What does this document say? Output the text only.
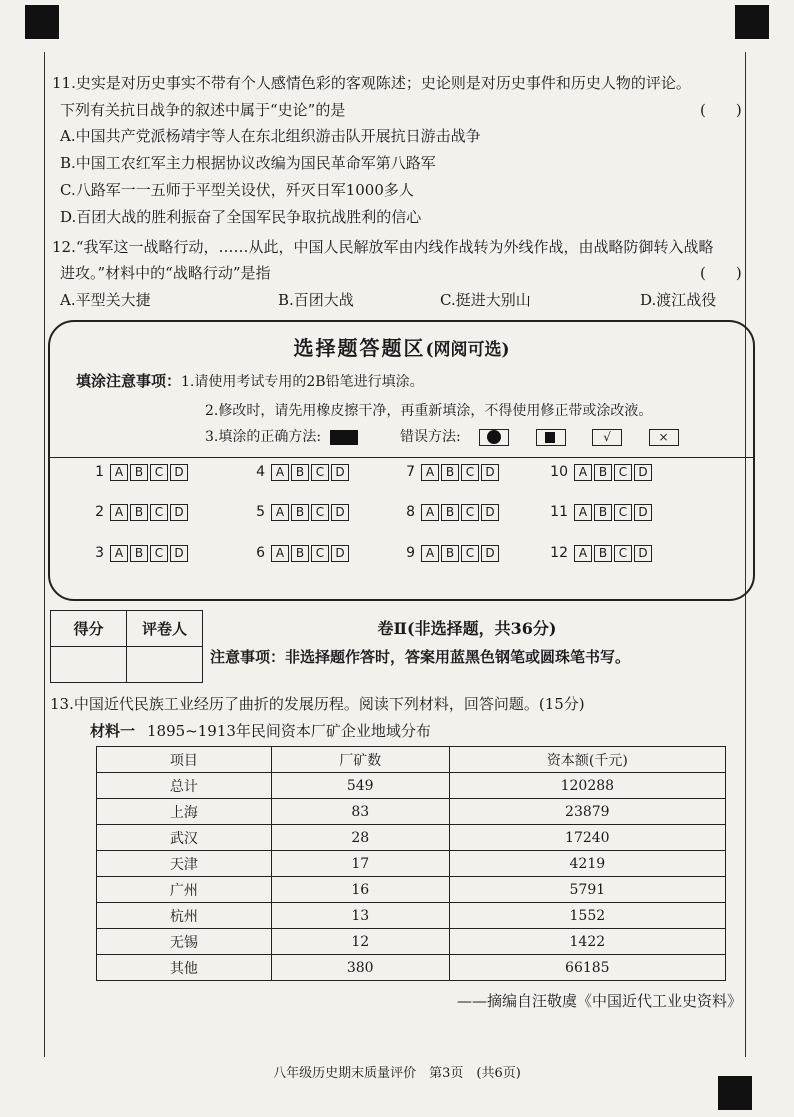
11.史实是对历史事实不带有个人感情色彩的客观陈述；史论则是对历史事件和历史人物的评论。
下列有关抗日战争的叙述中属于“史论”的是	(　　)
A.中国共产党派杨靖宇等人在东北组织游击队开展抗日游击战争
B.中国工农红军主力根据协议改编为国民革命军第八路军
C.八路军一一五师于平型关设伏，歼灭日军1000多人
D.百团大战的胜利振奋了全国军民争取抗战胜利的信心
12.“我军这一战略行动，……从此，中国人民解放军由内线作战转为外线作战，由战略防御转入战略
进攻。”材料中的“战略行动”是指	(　　)
A.平型关大捷	B.百团大战	C.挺进大别山	D.渡江战役
选择题答题区(网阅可选)
填涂注意事项：1.请使用考试专用的2B铅笔进行填涂。
2.修改时，请先用橡皮擦干净，再重新填涂，不得使用修正带或涂改液。
3.填涂的正确方法:	错误方法:
	√	×
1 A B C D
2 A B C D
3 A B C D
4 A B C D
5 A B C D
6 A B C D
7 A B C D
8 A B C D
9 A B C D
10 A B C D
11 A B C D
12 A B C D
得分	评卷人
		卷Ⅱ(非选择题，共36分)
注意事项：非选择题作答时，答案用蓝黑色钢笔或圆珠笔书写。
13.中国近代民族工业经历了曲折的发展历程。阅读下列材料，回答问题。(15分)
材料一 1895~1913年民间资本厂矿企业地域分布
项目	厂矿数	资本额(千元)
总计	549	120288
上海	83	23879
武汉	28	17240
天津	17	4219
广州	16	5791
杭州	13	1552
无锡	12	1422
其他	380	66185
——摘编自汪敬虞《中国近代工业史资料》
八年级历史期末质量评价　第3页　(共6页)
